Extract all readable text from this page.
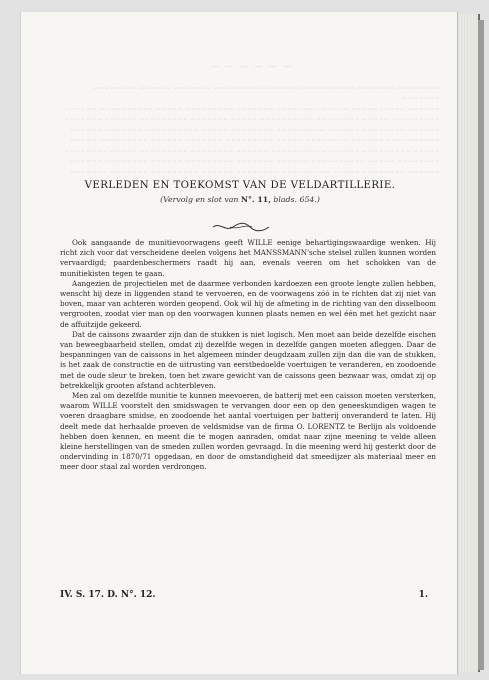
— — — — — —
~~~~~~~~ ~~~~~~~ ~~~~~~~~~~ ~~~~~~ ~~~~~~~~~ ~~~~~~~ ~~~~~~ ~~~~~~~~ ~~~~~~~
~~~~~~ ~~~~~~~~~~ ~~~~~ ~~~~~~~~ ~~~~~~~ ~~~~~~~~~ ~~~~~ ~~~~~~~~~~ ~~~~~~
~~~~~~~~~ ~~~~~ ~~~~~~~~ ~~~~~~~~~~ ~~~~~ ~~~~~~~ ~~~~~~~~~ ~~~~~~ ~~~~~~~
~~~~~~ ~~~~~~~~ ~~~~~~ ~~~~~~~~~ ~~~~~~~~ ~~~~~ ~~~~~~~~~~ ~~~~~~~ ~~~~~~
~~~~~~~~~~ ~~~~~~ ~~~~~~~~ ~~~~~ ~~~~~~~~~ ~~~~~~~ ~~~~~~ ~~~~~~~~~ ~~~~~
~~~~~ ~~~~~~~~~ ~~~~~~~ ~~~~~~~~~ ~~~~~~ ~~~~~~~~ ~~~~~~~~~ ~~~~~ ~~~~~~~~
~~~~~~~~ ~~~~~ ~~~~~~~~~~ ~~~~~~ ~~~~~~~ ~~~~~~~~~ ~~~~~~ ~~~~~~~~ ~~~~~~
~~~~~~ ~~~~~~~~ ~~~~~ ~~~~~~~~~ ~~~~~~~~ ~~~~~~ ~~~~~~~~~ ~~~~~~~ ~~~~~~~
VERLEDEN EN TOEKOMST VAN DE VELDARTILLERIE.
(Vervolg en slot van N°. 11, blads. 654.)

Ook aangaande de munitievoorwagens geeft WILLE eenige behartigingswaardige wenken. Hij richt zich voor dat verscheidene deelen volgens het MANSSMANN'sche stelsel zullen kunnen worden vervaardigd; paardenbeschermers raadt hij aan, evenals veeren om het schokken van de munitiekisten tegen te gaan.

Aangezien de projectielen met de daarmee verbonden kardoezen een groote lengte zullen hebben, wenscht hij deze in liggenden stand te vervoeren, en de voorwagens zóó in te richten dat zij niet van boven, maar van achteren worden geopend. Ook wil hij de afmeting in de richting van den disselboom vergrooten, zoodat vier man op den voorwagen kunnen plaats nemen en wel één met het gezicht naar de affuitzijde gekeerd.

Dat de caissons zwaarder zijn dan de stukken is niet logisch. Men moet aan beide dezelfde eischen van beweegbaarheid stellen, omdat zij dezelfde wegen in dezelfde gangen moeten afleggen. Daar de bespanningen van de caissons in het algemeen minder deugdzaam zullen zijn dan die van de stukken, is het zaak de constructie en de uitrusting van eerstbedoelde voertuigen te veranderen, en zoodoende met de oude sleur te breken, toen het zware gewicht van de caissons geen bezwaar was, omdat zij op betrekkelijk grooten afstand achterbleven.

Men zal om dezelfde munitie te kunnen meevoeren, de batterij met een caisson moeten versterken, waarom WILLE voorstelt den smidswagen te vervangen door een op den geneeskundigen wagen te voeren draagbare smidse, en zoodoende het aantal voertuigen per batterij onveranderd te laten. Hij deelt mede dat herhaalde proeven de veldsmidse van de firma O. LORENTZ te Berlijn als voldoende hebben doen kennen, en meent die te mogen aanraden, omdat naar zijne meening te velde alleen kleine herstellingen van de smeden zullen worden gevraagd. In die meening werd hij gesterkt door de ondervinding in 1870/71 opgedaan, en door de omstandigheid dat smeedijzer als materiaal meer en meer door staal zal worden verdrongen.

IV. S. 17. D. N°. 12.	1.
